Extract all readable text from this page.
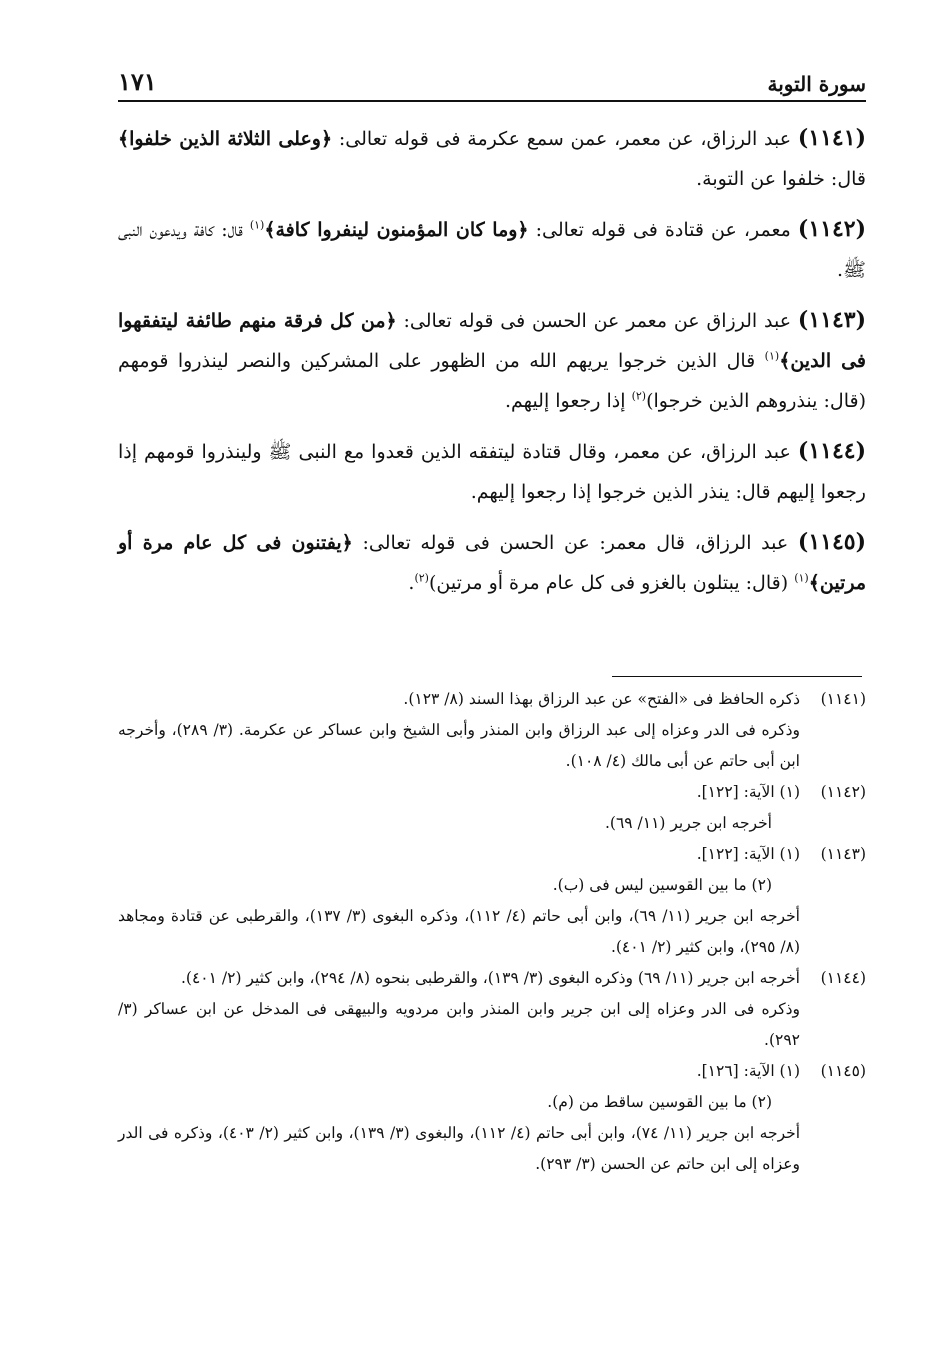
سورة التوبة
١٧١

(١١٤١) عبد الرزاق، عن معمر، عمن سمع عكرمة فى قوله تعالى: ﴿وعلى الثلاثة الذين خلفوا﴾ قال: خلفوا عن التوبة.

(١١٤٢) معمر، عن قتادة فى قوله تعالى: ﴿وما كان المؤمنون لينفروا كافة﴾$^{(١)}$ قال: كافة ويدعون النبى ﷺ.

(١١٤٣) عبد الرزاق عن معمر عن الحسن فى قوله تعالى: ﴿من كل فرقة منهم طائفة ليتفقهوا فى الدين﴾$^{(١)}$ قال الذين خرجوا يريهم الله من الظهور على المشركين والنصر لينذروا قومهم (قال: ينذروهم الذين خرجوا)$^{(٢)}$ إذا رجعوا إليهم.

(١١٤٤) عبد الرزاق، عن معمر، وقال قتادة ليتفقه الذين قعدوا مع النبى ﷺ ولينذروا قومهم إذا رجعوا إليهم قال: ينذر الذين خرجوا إذا رجعوا إليهم.

(١١٤٥) عبد الرزاق، قال معمر: عن الحسن فى قوله تعالى: ﴿يفتنون فى كل عام مرة أو مرتين﴾$^{(١)}$ (قال: يبتلون بالغزو فى كل عام مرة أو مرتين)$^{(٢)}$.

(١١٤١)
ذكره الحافظ فى «الفتح» عن عبد الرزاق بهذا السند (٨/ ١٢٣).
وذكره فى الدر وعزاه إلى عبد الرزاق وابن المنذر وأبى الشيخ وابن عساكر عن عكرمة. (٣/ ٢٨٩)، وأخرجه ابن أبى حاتم عن أبى مالك (٤/ ١٠٨).
(١١٤٢)
(١) الآية: [١٢٢].
أخرجه ابن جرير (١١/ ٦٩).
(١١٤٣)
(١) الآية: [١٢٢].
(٢) ما بين القوسين ليس فى (ب).
أخرجه ابن جرير (١١/ ٦٩)، وابن أبى حاتم (٤/ ١١٢)، وذكره البغوى (٣/ ١٣٧)، والقرطبى عن قتادة ومجاهد (٨/ ٢٩٥)، وابن كثير (٢/ ٤٠١).
(١١٤٤)
أخرجه ابن جرير (١١/ ٦٩) وذكره البغوى (٣/ ١٣٩)، والقرطبى بنحوه (٨/ ٢٩٤)، وابن كثير (٢/ ٤٠١).
وذكره فى الدر وعزاه إلى ابن جرير وابن المنذر وابن مردويه والبيهقى فى المدخل عن ابن عساكر (٣/ ٢٩٢).
(١١٤٥)
(١) الآية: [١٢٦].
(٢) ما بين القوسين ساقط من (م).
أخرجه ابن جرير (١١/ ٧٤)، وابن أبى حاتم (٤/ ١١٢)، والبغوى (٣/ ١٣٩)، وابن كثير (٢/ ٤٠٣)، وذكره فى الدر وعزاه إلى ابن حاتم عن الحسن (٣/ ٢٩٣).
